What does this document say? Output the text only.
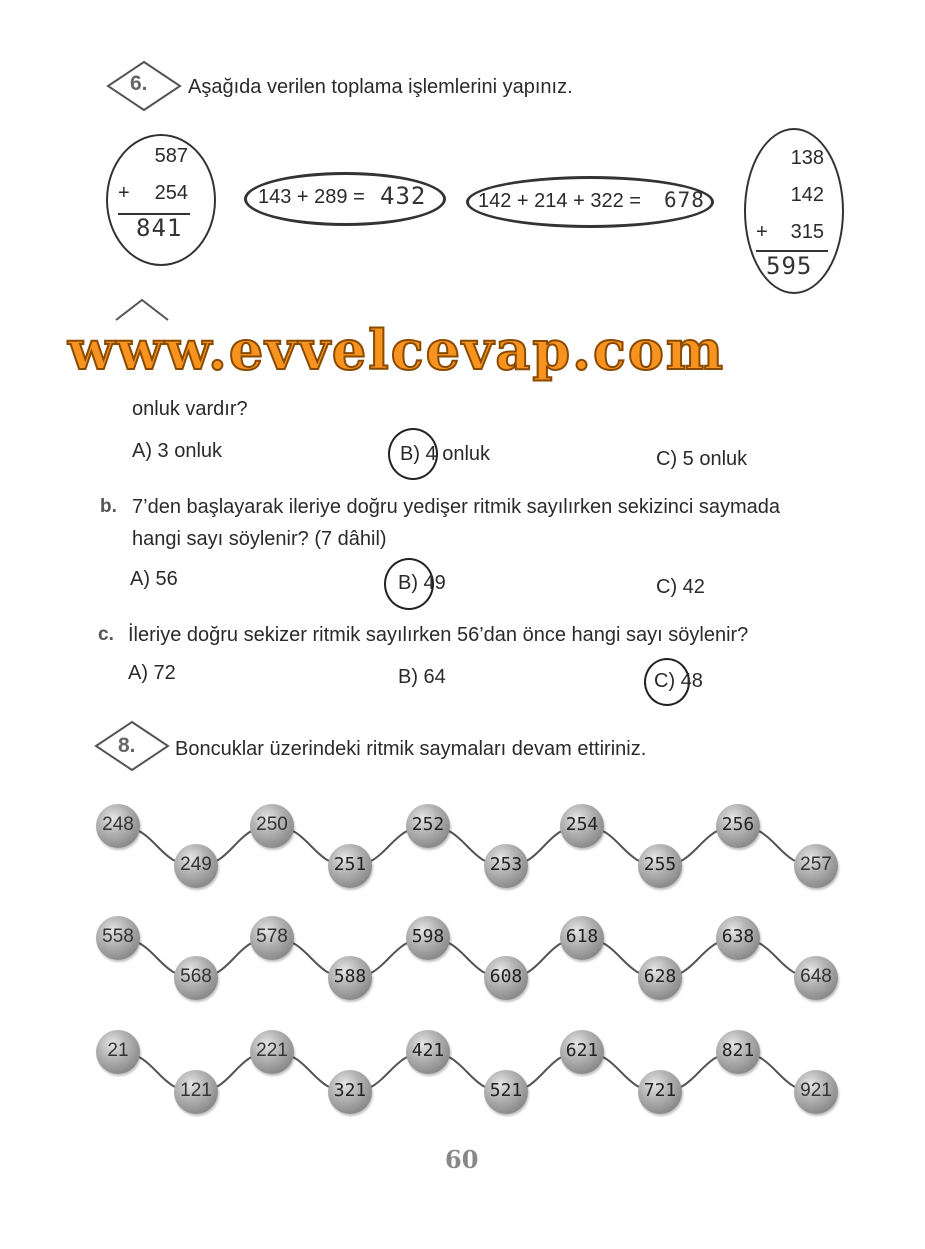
6. Aşağıda verilen toplama işlemlerini yapınız.
587
+ 254
841
143 + 289 = 432	142 + 214 + 322 = 678
138
142
+ 315
595
www.evvelcevap.com
onluk vardır?
A) 3 onluk	B) 4 onluk	C) 5 onluk
b. 7’den başlayarak ileriye doğru yedişer ritmik sayılırken sekizinci saymada
hangi sayı söylenir? (7 dâhil)
A) 56	B) 49	C) 42
c. İleriye doğru sekizer ritmik sayılırken 56’dan önce hangi sayı söylenir?
A) 72	B) 64	C) 48
8. Boncuklar üzerindeki ritmik saymaları devam ettiriniz.
248
249
250
251
252
253
254
255
256
257
558
568
578
588
598
608
618
628
638
648
21
121
221
321
421
521
621
721
821
921
60
